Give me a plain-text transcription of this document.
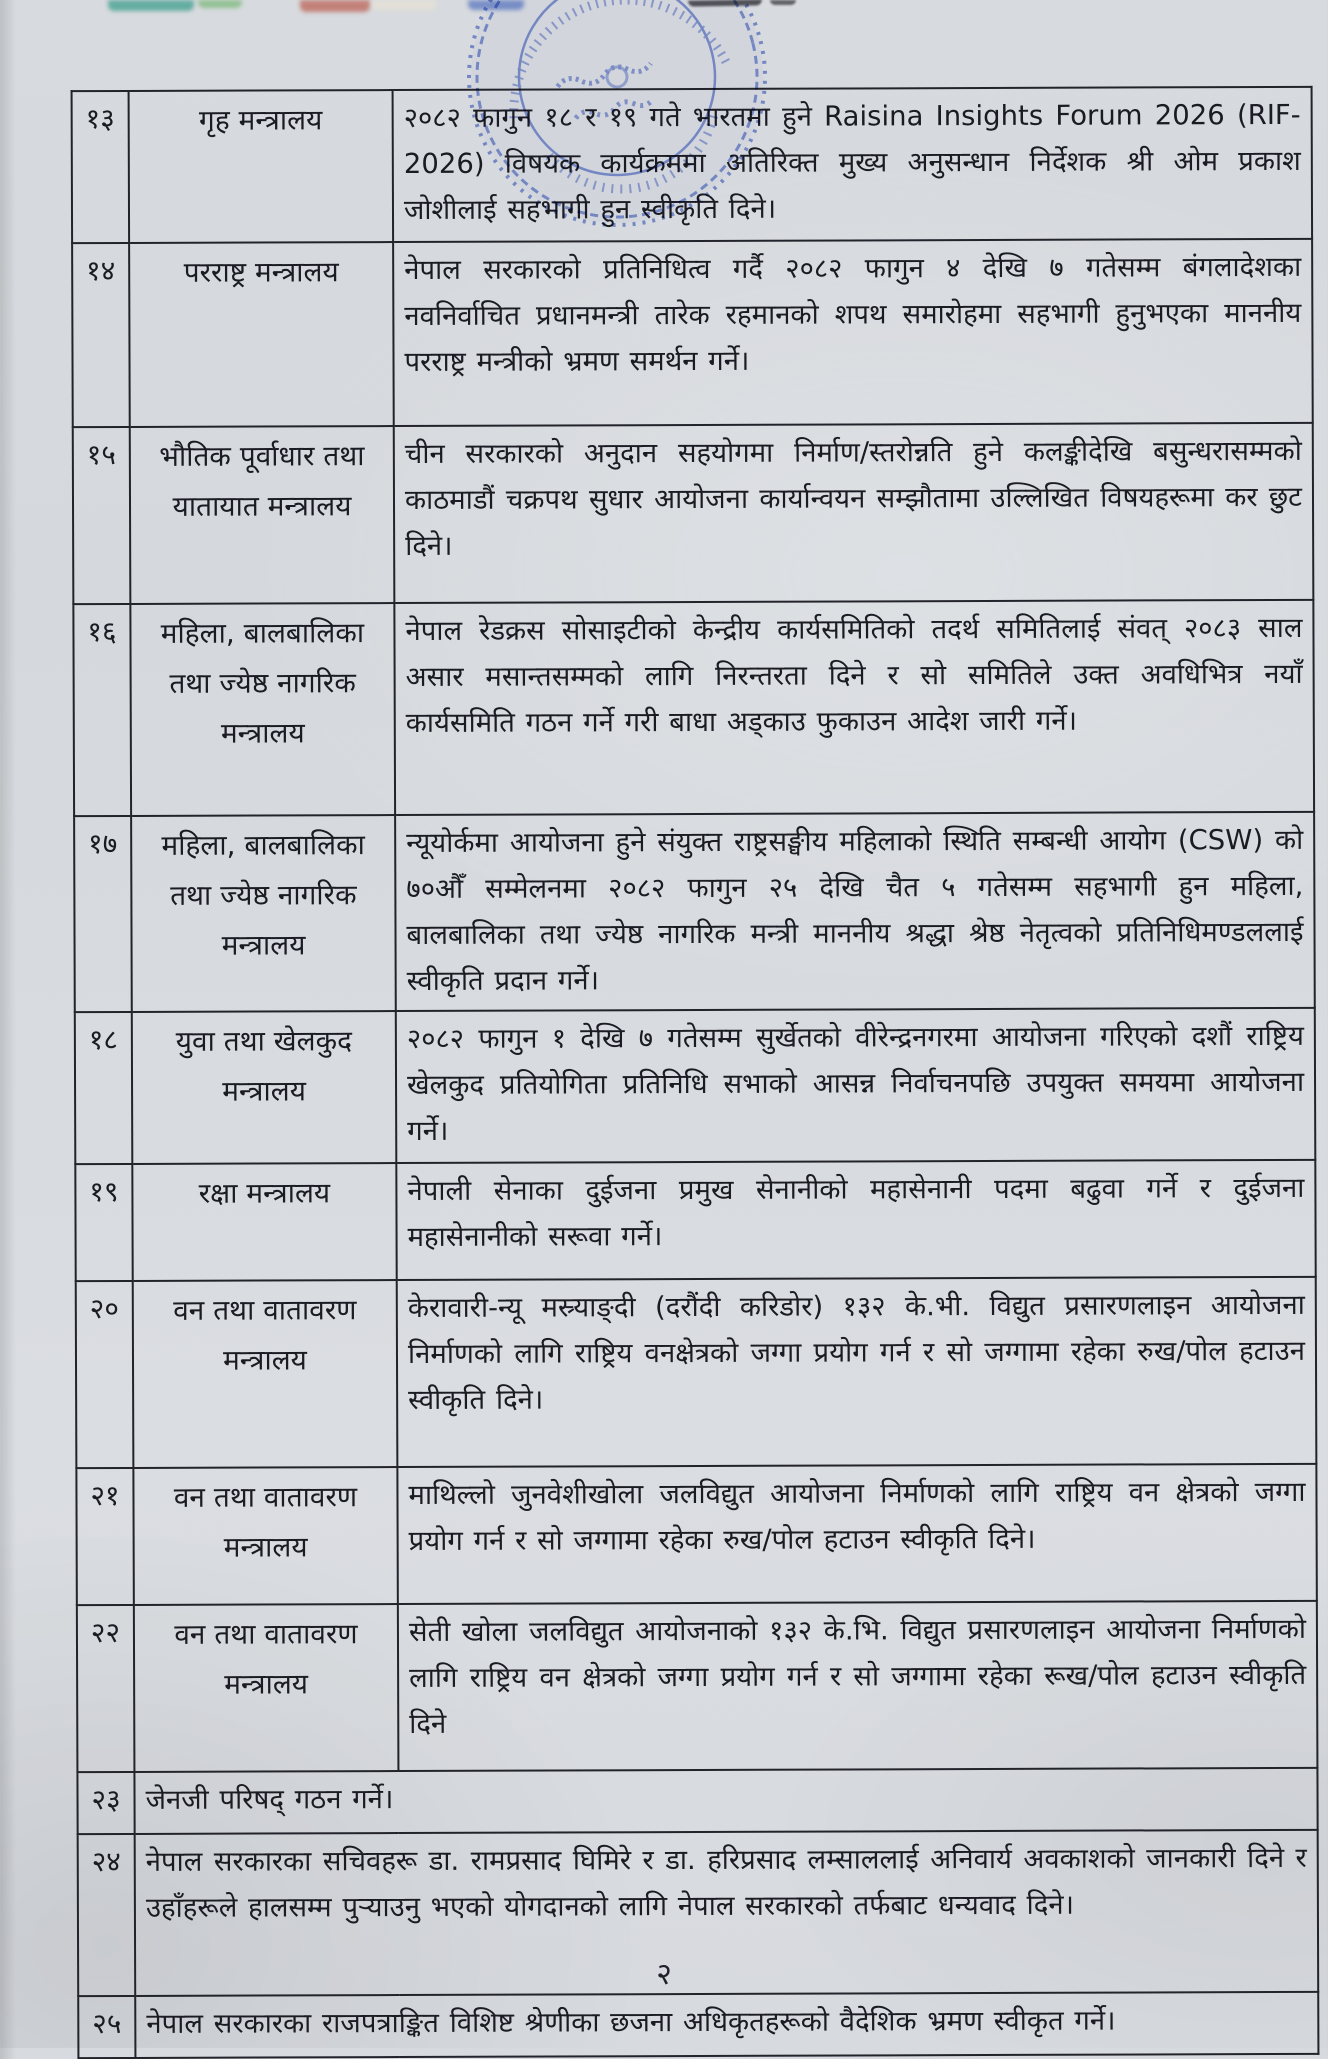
१३	गृह मन्त्रालय	२०८२ फागुन १८ र १९ गते भारतमा हुने Raisina Insights Forum 2026 (RIF-2026) विषयक कार्यक्रममा अतिरिक्त मुख्य अनुसन्धान निर्देशक श्री ओम प्रकाश जोशीलाई सहभागी हुन स्वीकृति दिने।
१४	परराष्ट्र मन्त्रालय	नेपाल सरकारको प्रतिनिधित्व गर्दै २०८२ फागुन ४ देखि ७ गतेसम्म बंगलादेशका नवनिर्वाचित प्रधानमन्त्री तारेक रहमानको शपथ समारोहमा सहभागी हुनुभएका माननीय परराष्ट्र मन्त्रीको भ्रमण समर्थन गर्ने।
१५	भौतिक पूर्वाधार तथा यातायात मन्त्रालय	चीन सरकारको अनुदान सहयोगमा निर्माण/स्तरोन्नति हुने कलङ्कीदेखि बसुन्धरासम्मको काठमाडौं चक्रपथ सुधार आयोजना कार्यान्वयन सम्झौतामा उल्लिखित विषयहरूमा कर छुट दिने।
१६	महिला, बालबालिका तथा ज्येष्ठ नागरिक मन्त्रालय	नेपाल रेडक्रस सोसाइटीको केन्द्रीय कार्यसमितिको तदर्थ समितिलाई संवत् २०८३ साल असार मसान्तसम्मको लागि निरन्तरता दिने र सो समितिले उक्त अवधिभित्र नयाँ कार्यसमिति गठन गर्ने गरी बाधा अड्काउ फुकाउन आदेश जारी गर्ने।
१७	महिला, बालबालिका तथा ज्येष्ठ नागरिक मन्त्रालय	न्यूयोर्कमा आयोजना हुने संयुक्त राष्ट्रसङ्घीय महिलाको स्थिति सम्बन्धी आयोग (CSW) को ७०औँ सम्मेलनमा २०८२ फागुन २५ देखि चैत ५ गतेसम्म सहभागी हुन महिला, बालबालिका तथा ज्येष्ठ नागरिक मन्त्री माननीय श्रद्धा श्रेष्ठ नेतृत्वको प्रतिनिधिमण्डललाई स्वीकृति प्रदान गर्ने।
१८	युवा तथा खेलकुद मन्त्रालय	२०८२ फागुन १ देखि ७ गतेसम्म सुर्खेतको वीरेन्द्रनगरमा आयोजना गरिएको दशौं राष्ट्रिय खेलकुद प्रतियोगिता प्रतिनिधि सभाको आसन्न निर्वाचनपछि उपयुक्त समयमा आयोजना गर्ने।
१९	रक्षा मन्त्रालय	नेपाली सेनाका दुईजना प्रमुख सेनानीको महासेनानी पदमा बढुवा गर्ने र दुईजना महासेनानीको सरूवा गर्ने।
२०	वन तथा वातावरण मन्त्रालय	केरावारी-न्यू मस्र्याङ्दी (दरौंदी करिडोर) १३२ के.भी. विद्युत प्रसारणलाइन आयोजना निर्माणको लागि राष्ट्रिय वनक्षेत्रको जग्गा प्रयोग गर्न र सो जग्गामा रहेका रुख/पोल हटाउन स्वीकृति दिने।
२१	वन तथा वातावरण मन्त्रालय	माथिल्लो जुनवेशीखोला जलविद्युत आयोजना निर्माणको लागि राष्ट्रिय वन क्षेत्रको जग्गा प्रयोग गर्न र सो जग्गामा रहेका रुख/पोल हटाउन स्वीकृति दिने।
२२	वन तथा वातावरण मन्त्रालय	सेती खोला जलविद्युत आयोजनाको १३२ के.भि. विद्युत प्रसारणलाइन आयोजना निर्माणको लागि राष्ट्रिय वन क्षेत्रको जग्गा प्रयोग गर्न र सो जग्गामा रहेका रूख/पोल हटाउन स्वीकृति दिने
२३	जेनजी परिषद् गठन गर्ने।	
२४	नेपाल सरकारका सचिवहरू डा. रामप्रसाद घिमिरे र डा. हरिप्रसाद लम्साललाई अनिवार्य अवकाशको जानकारी दिने र उहाँहरूले हालसम्म पुऱ्याउनु भएको योगदानको लागि नेपाल सरकारको तर्फबाट धन्यवाद दिने।	
२५	नेपाल सरकारका राजपत्राङ्कित विशिष्ट श्रेणीका छजना अधिकृतहरूको वैदेशिक भ्रमण स्वीकृत गर्ने।	
२
